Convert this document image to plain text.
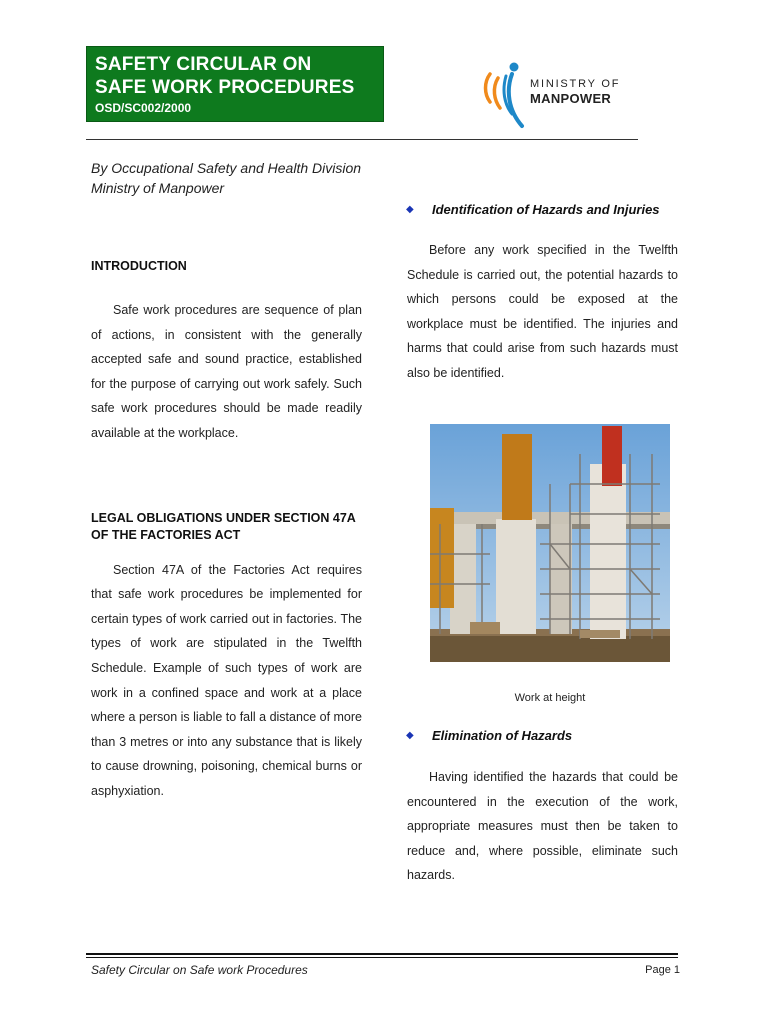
SAFETY CIRCULAR ON
SAFE WORK PROCEDURES
OSD/SC002/2000
MINISTRY OF
MANPOWER
By Occupational Safety and Health Division
Ministry of Manpower
INTRODUCTION

Safe work procedures are sequence of plan of actions, in consistent with the generally accepted safe and sound practice, established for the purpose of carrying out work safely. Such safe work procedures should be made readily available at the workplace.

LEGAL OBLIGATIONS UNDER SECTION 47A OF THE FACTORIES ACT

Section 47A of the Factories Act requires that safe work procedures be implemented for certain types of work carried out in factories. The types of work are stipulated in the Twelfth Schedule. Example of such types of work are work in a confined space and work at a place where a person is liable to fall a distance of more than 3 metres or into any substance that is likely to cause drowning, poisoning, chemical burns or asphyxiation.

◆ Identification of Hazards and Injuries

Before any work specified in the Twelfth Schedule is carried out, the potential hazards to which persons could be exposed at the workplace must be identified. The injuries and harms that could arise from such hazards must also be identified.

Work at height
◆ Elimination of Hazards

Having identified the hazards that could be encountered in the execution of the work, appropriate measures must then be taken to reduce and, where possible, eliminate such hazards.

Safety Circular on Safe work Procedures	Page 1
